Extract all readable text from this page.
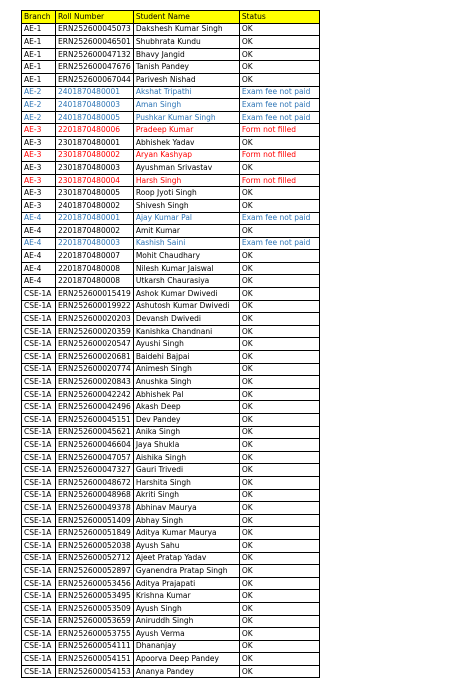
Branch	Roll Number	Student Name	Status
AE-1	ERN252600045073	Dakshesh Kumar Singh	OK
AE-1	ERN252600046501	Shubhrata Kundu	OK
AE-1	ERN252600047132	Bhavy Jangid	OK
AE-1	ERN252600047676	Tanish Pandey	OK
AE-1	ERN252600067044	Parivesh Nishad	OK
AE-2	2401870480001	Akshat Tripathi	Exam fee not paid
AE-2	2401870480003	Aman Singh	Exam fee not paid
AE-2	2401870480005	Pushkar Kumar Singh	Exam fee not paid
AE-3	2201870480006	Pradeep Kumar	Form not filled
AE-3	2301870480001	Abhishek Yadav	OK
AE-3	2301870480002	Aryan Kashyap	Form not filled
AE-3	2301870480003	Ayushman Srivastav	OK
AE-3	2301870480004	Harsh Singh	Form not filled
AE-3	2301870480005	Roop Jyoti Singh	OK
AE-3	2401870480002	Shivesh Singh	OK
AE-4	2201870480001	Ajay Kumar Pal	Exam fee not paid
AE-4	2201870480002	Amit Kumar	OK
AE-4	2201870480003	Kashish Saini	Exam fee not paid
AE-4	2201870480007	Mohit Chaudhary	OK
AE-4	2201870480008	Nilesh Kumar Jaiswal	OK
AE-4	2201870480008	Utkarsh Chaurasiya	OK
CSE-1A	ERN252600015419	Ashok Kumar Dwivedi	OK
CSE-1A	ERN252600019922	Ashutosh Kumar Dwivedi	OK
CSE-1A	ERN252600020203	Devansh Dwivedi	OK
CSE-1A	ERN252600020359	Kanishka Chandnani	OK
CSE-1A	ERN252600020547	Ayushi Singh	OK
CSE-1A	ERN252600020681	Baidehi Bajpai	OK
CSE-1A	ERN252600020774	Animesh Singh	OK
CSE-1A	ERN252600020843	Anushka Singh	OK
CSE-1A	ERN252600042242	Abhishek Pal	OK
CSE-1A	ERN252600042496	Akash Deep	OK
CSE-1A	ERN252600045151	Dev Pandey	OK
CSE-1A	ERN252600045621	Anika Singh	OK
CSE-1A	ERN252600046604	Jaya Shukla	OK
CSE-1A	ERN252600047057	Aishika Singh	OK
CSE-1A	ERN252600047327	Gauri Trivedi	OK
CSE-1A	ERN252600048672	Harshita Singh	OK
CSE-1A	ERN252600048968	Akriti Singh	OK
CSE-1A	ERN252600049378	Abhinav Maurya	OK
CSE-1A	ERN252600051409	Abhay Singh	OK
CSE-1A	ERN252600051849	Aditya Kumar Maurya	OK
CSE-1A	ERN252600052038	Ayush Sahu	OK
CSE-1A	ERN252600052712	Ajeet Pratap Yadav	OK
CSE-1A	ERN252600052897	Gyanendra Pratap Singh	OK
CSE-1A	ERN252600053456	Aditya Prajapati	OK
CSE-1A	ERN252600053495	Krishna Kumar	OK
CSE-1A	ERN252600053509	Ayush Singh	OK
CSE-1A	ERN252600053659	Aniruddh Singh	OK
CSE-1A	ERN252600053755	Ayush Verma	OK
CSE-1A	ERN252600054111	Dhananjay	OK
CSE-1A	ERN252600054151	Apoorva Deep Pandey	OK
CSE-1A	ERN252600054153	Ananya Pandey	OK
